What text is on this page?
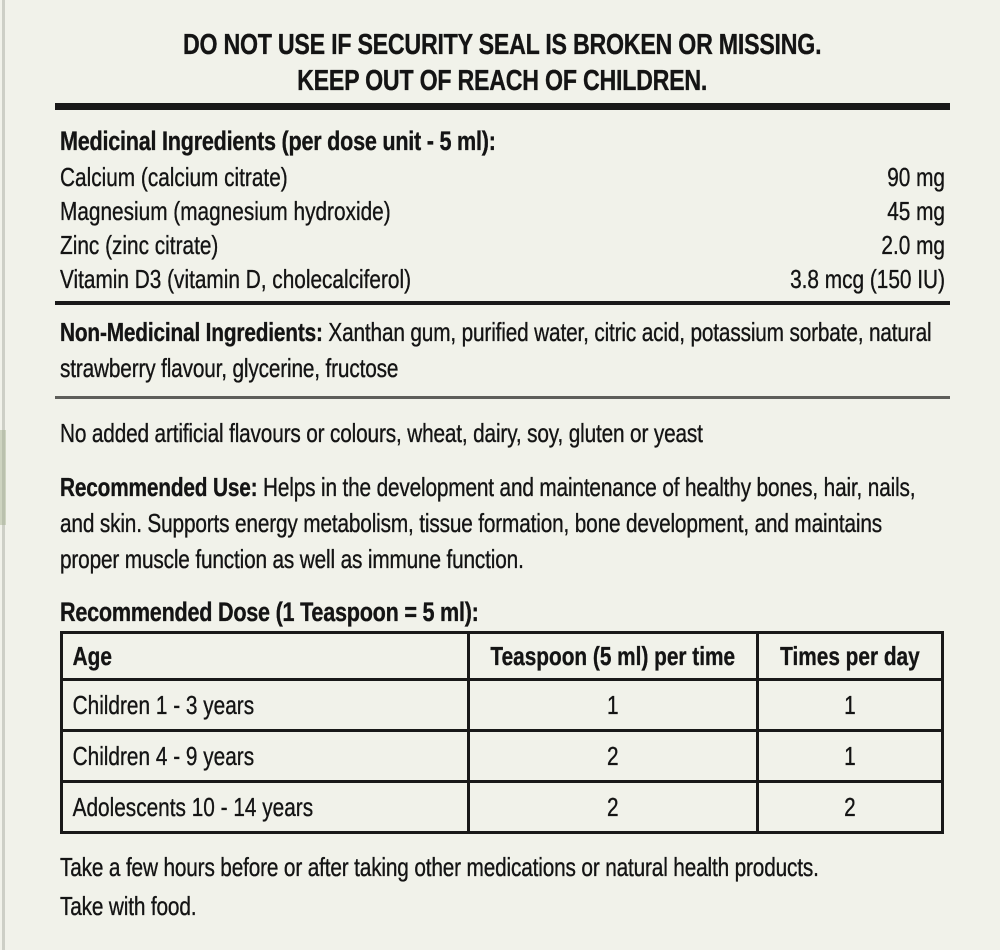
DO NOT USE IF SECURITY SEAL IS BROKEN OR MISSING.
KEEP OUT OF REACH OF CHILDREN.
Medicinal Ingredients (per dose unit - 5 ml):
Calcium (calcium citrate)	90 mg
Magnesium (magnesium hydroxide)	45 mg
Zinc (zinc citrate)	2.0 mg
Vitamin D3 (vitamin D, cholecalciferol)	3.8 mcg (150 IU)

Non-Medicinal Ingredients: Xanthan gum, purified water, citric acid, potassium sorbate, natural strawberry flavour, glycerine, fructose

No added artificial flavours or colours, wheat, dairy, soy, gluten or yeast

Recommended Use: Helps in the development and maintenance of healthy bones, hair, nails, and skin. Supports energy metabolism, tissue formation, bone development, and maintains proper muscle function as well as immune function.

Recommended Dose (1 Teaspoon = 5 ml):
Age	Teaspoon (5 ml) per time	Times per day

Children 1 - 3 years	1	1

Children 4 - 9 years	2	1

Adolescents 10 - 14 years	2	2

Take a few hours before or after taking other medications or natural health products.

Take with food.
